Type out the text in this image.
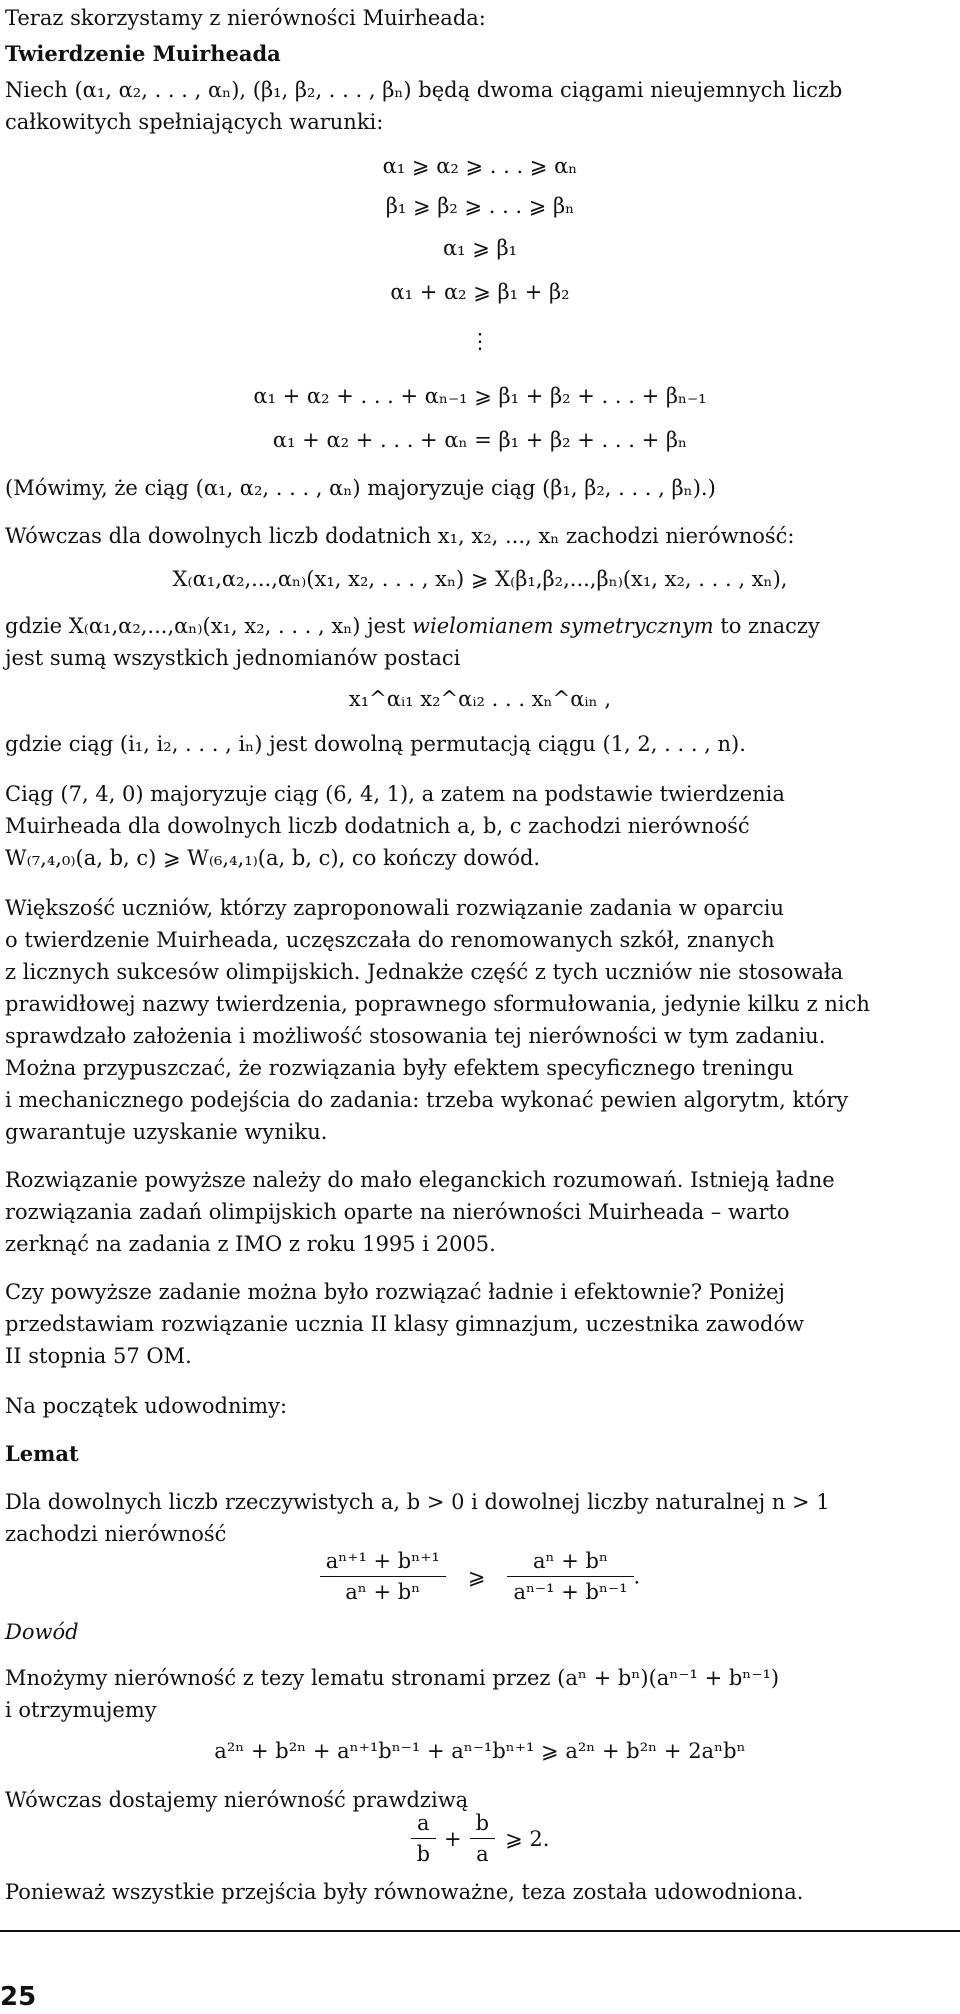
Teraz skorzystamy z nierówności Muirheada:

Twierdzenie Muirheada

Niech (α₁, α₂, . . . , αₙ), (β₁, β₂, . . . , βₙ) będą dwoma ciągami nieujemnych liczb

całkowitych spełniających warunki:

α₁ ⩾ α₂ ⩾ . . . ⩾ αₙ

β₁ ⩾ β₂ ⩾ . . . ⩾ βₙ

α₁ ⩾ β₁

α₁ + α₂ ⩾ β₁ + β₂

⋮

α₁ + α₂ + . . . + αₙ₋₁ ⩾ β₁ + β₂ + . . . + βₙ₋₁

α₁ + α₂ + . . . + αₙ = β₁ + β₂ + . . . + βₙ

(Mówimy, że ciąg (α₁, α₂, . . . , αₙ) majoryzuje ciąg (β₁, β₂, . . . , βₙ).)

Wówczas dla dowolnych liczb dodatnich x₁, x₂, ..., xₙ zachodzi nierówność:

X₍α₁,α₂,...,αₙ₎(x₁, x₂, . . . , xₙ) ⩾ X₍β₁,β₂,...,βₙ₎(x₁, x₂, . . . , xₙ),

gdzie X₍α₁,α₂,...,αₙ₎(x₁, x₂, . . . , xₙ) jest wielomianem symetrycznym to znaczy

jest sumą wszystkich jednomianów postaci

x₁^αᵢ₁ x₂^αᵢ₂ . . . xₙ^αᵢₙ ,

gdzie ciąg (i₁, i₂, . . . , iₙ) jest dowolną permutacją ciągu (1, 2, . . . , n).

Ciąg (7, 4, 0) majoryzuje ciąg (6, 4, 1), a zatem na podstawie twierdzenia

Muirheada dla dowolnych liczb dodatnich a, b, c zachodzi nierówność

W₍₇,₄,₀₎(a, b, c) ⩾ W₍₆,₄,₁₎(a, b, c), co kończy dowód.

Większość uczniów, którzy zaproponowali rozwiązanie zadania w oparciu

o twierdzenie Muirheada, uczęszczała do renomowanych szkół, znanych

z licznych sukcesów olimpijskich. Jednakże część z tych uczniów nie stosowała

prawidłowej nazwy twierdzenia, poprawnego sformułowania, jedynie kilku z nich

sprawdzało założenia i możliwość stosowania tej nierówności w tym zadaniu.

Można przypuszczać, że rozwiązania były efektem specyficznego treningu

i mechanicznego podejścia do zadania: trzeba wykonać pewien algorytm, który

gwarantuje uzyskanie wyniku.

Rozwiązanie powyższe należy do mało eleganckich rozumowań. Istnieją ładne

rozwiązania zadań olimpijskich oparte na nierówności Muirheada – warto

zerknąć na zadania z IMO z roku 1995 i 2005.

Czy powyższe zadanie można było rozwiązać ładnie i efektownie? Poniżej

przedstawiam rozwiązanie ucznia II klasy gimnazjum, uczestnika zawodów

II stopnia 57 OM.

Na początek udowodnimy:

Lemat

Dla dowolnych liczb rzeczywistych a, b > 0 i dowolnej liczby naturalnej n > 1

zachodzi nierówność

$\frac{\text{aⁿ⁺¹ + bⁿ⁺¹}}{\text{aⁿ + bⁿ}}$ ⩾ $\frac{\text{aⁿ + bⁿ}}{\text{aⁿ⁻¹ + bⁿ⁻¹}}$ .

Dowód

Mnożymy nierówność z tezy lematu stronami przez (aⁿ + bⁿ)(aⁿ⁻¹ + bⁿ⁻¹)

i otrzymujemy

a²ⁿ + b²ⁿ + aⁿ⁺¹bⁿ⁻¹ + aⁿ⁻¹bⁿ⁺¹ ⩾ a²ⁿ + b²ⁿ + 2aⁿbⁿ

Wówczas dostajemy nierówność prawdziwą

$\frac{a}{b} + \frac{b}{a}$ ⩾ 2.

Ponieważ wszystkie przejścia były równoważne, teza została udowodniona.

25
